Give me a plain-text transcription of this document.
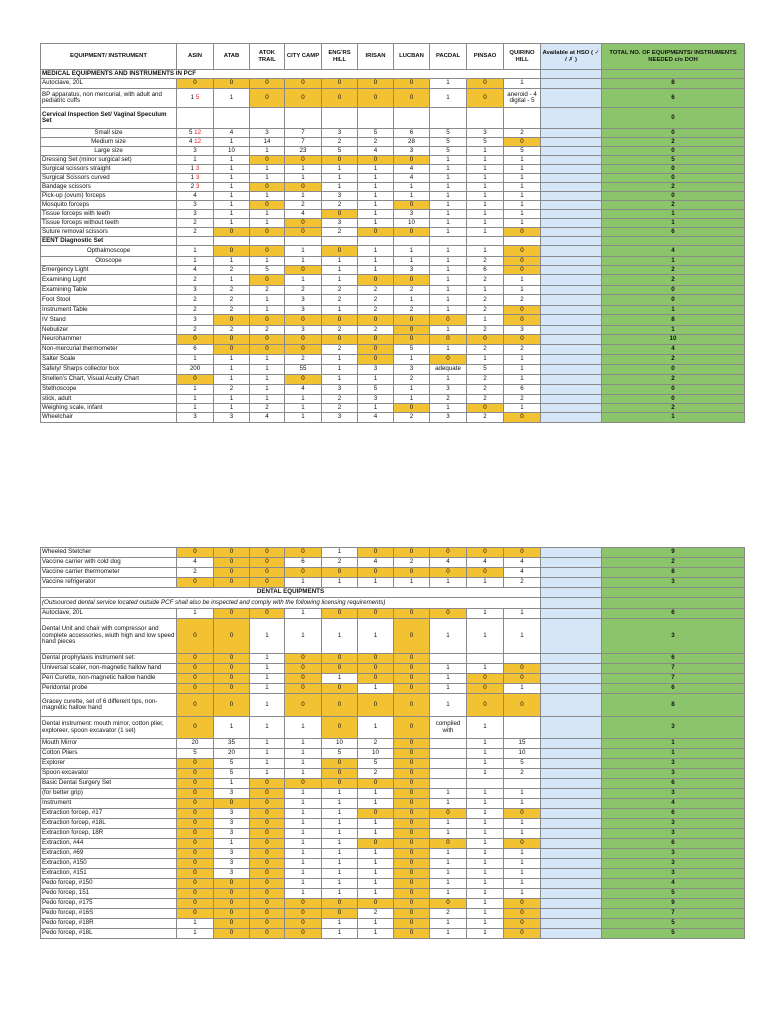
EQUIPMENT/ INSTRUMENT	ASIN	ATAB	ATOK TRAIL	CITY CAMP	ENG'RS HILL	IRISAN	LUCBAN	PACDAL	PINSAO	QUIRINO HILL	Available at HSO ( ✓ / ✗ )	TOTAL NO. OF EQUIPMENTS/ INSTRUMENTS NEEDED c/o DOH
MEDICAL EQUIPMENTS AND INSTRUMENTS IN PCF												
Autoclave, 20L	0	0	0	0	0	0	0	1	0	1		8
BP apparatus, non mercurial, with adult and pediatric cuffs	1 5	1	0	0	0	0	0	1	0	aneroid - 4 digital - 5		6
Cervical Inspection Set/ Vaginal Speculum Set												0
Small size	5 12	4	3	7	3	5	6	5	3	2		0
Medium size	4 12	1	14	7	2	2	28	5	5	0		2
Large size	3	10	1	23	5	4	3	5	1	5		0
Dressing Set (minor surgical set)	1	1	0	0	0	0	0	1	1	1		5
Surgical scissors straight	1 3	1	1	1	1	1	4	1	1	1		0
Surgical Scissors curved	1 3	1	1	1	1	1	4	1	1	1		0
Bandage scissors	2 3	1	0	0	1	1	1	1	1	1		2
Pick-up (ovum) forceps	4	1	1	1	3	1	1	1	1	1		0
Mosquito forceps	3	1	0	2	2	1	0	1	1	1		2
Tissue forceps with teeth	3	1	1	4	0	1	3	1	1	1		1
Tissue forceps without teeth	2	1	1	0	3	1	10	1	1	1		1
Suture removal scissors	2	0	0	0	2	0	0	1	1	0		6
EENT Diagnostic Set												
Opthalmoscope	1	0	0	1	0	1	1	1	1	0		4
Otoscope	1	1	1	1	1	1	1	1	2	0		1
Emergency Light	4	2	5	0	1	1	3	1	6	0		2
Examining Light	2	1	0	1	1	0	0	1	2	1		2
Examining Table	3	2	2	2	2	2	2	1	1	1		0
Foot Stool	2	2	1	3	2	2	1	1	2	2		0
Instrument Table	2	2	1	3	1	2	2	1	2	0		1
IV Stand	3	0	0	0	0	0	0	0	1	0		8
Nebulizer	2	2	2	3	2	2	0	1	2	3		1
Neurohammer	0	0	0	0	0	0	0	0	0	0		10
Non-mercurial thermometer	6	0	0	0	2	0	5	1	2	2		4
Salter Scale	1	1	1	2	1	0	1	0	1	1		2
Safety/ Sharps collector box	200	1	1	55	1	3	3	adequate	5	1		0
Snellen's Chart, Visual Acuity Chart	0	1	1	0	1	1	2	1	2	1		2
Stethoscope	1	2	1	4	3	5	1	3	2	6		0
stick, adult	1	1	1	1	2	3	1	2	2	2		0
Weighing scale, infant	1	1	2	1	2	1	0	1	0	1		2
Wheelchair	3	3	4	1	3	4	2	3	2	0		1
Wheeled Stetcher	0	0	0	0	1	0	0	0	0	0		9
Vaccine carrier with cold dog	4	0	0	6	2	4	2	4	4	4		2
Vaccine carrier thermometer	2	0	0	0	0	0	0	0	0	4		8
Vaccine refrigerator	0	0	0	1	1	1	1	1	1	2		3
DENTAL EQUIPMENTS												
(Outsourced dental service located outside PCF shall also be inspected and comply with the following licensing requirements)												
Autoclave, 20L	1	0	0	1	0	0	0	0	1	1		6
Dental Unit and chair with compressor and complete accessories, wiuth high and low speed hand pieces	0	0	1	1	1	1	0	1	1	1		3
Dental prophylaxis instrument set:	0	0	1	0	0	0	0					6
Universal scaler, non-magnetic hallow hand	0	0	1	0	0	0	0	1	1	0		7
Peri Curette, non-magnetic hallow handle	0	0	1	0	1	0	0	1	0	0		7
Peridontal probe	0	0	1	0	0	1	0	1	0	1		6
Gracey curette, set of 6 different tips, non-magnetic hallow hand	0	0	1	0	0	0	0	1	0	0		8
Dental instrument: mouth mirror, cotton plier, exploreer, spoon excavator (1 set)	0	1	1	1	0	1	0	complied with	1			3
Mouth Mirror	20	35	1	1	10	2	0		1	15		1
Cotton Pliers	5	20	1	1	5	10	0		1	10		1
Explorer	0	5	1	1	0	5	0		1	5		3
Spoon excavator	0	5	1	1	0	2	0		1	2		3
Basic Dental Surgery Set	0	1	0	0	0	0	0					6
(for better grip)	0	3	0	1	1	1	0	1	1	1		3
Instrument	0	0	0	1	1	1	0	1	1	1		4
Extraction forcep, #17	0	3	0	1	1	0	0	0	1	0		6
Extraction forcep, #18L	0	3	0	1	1	1	0	1	1	1		3
Extraction forcep, 18R	0	3	0	1	1	1	0	1	1	1		3
Extraction, #44	0	1	0	1	1	0	0	0	1	0		6
Extraction, #69	0	3	0	1	1	1	0	1	1	1		3
Extraction, #150	0	3	0	1	1	1	0	1	1	1		3
Extraction, #151	0	3	0	1	1	1	0	1	1	1		3
Pedo forcep, #150	0	0	0	1	1	1	0	1	1	1		4
Pedo forcep, 151	0	0	0	1	1	1	0	1	1	1		5
Pedo forcep, #175	0	0	0	0	0	0	0	0	1	0		9
Pedo forcep, #16S	0	0	0	0	0	2	0	2	1	0		7
Pedo forcep, #18R	1	0	0	0	1	1	0	1	1	0		5
Pedo forcep, #18L	1	0	0	0	1	1	0	1	1	0		5
